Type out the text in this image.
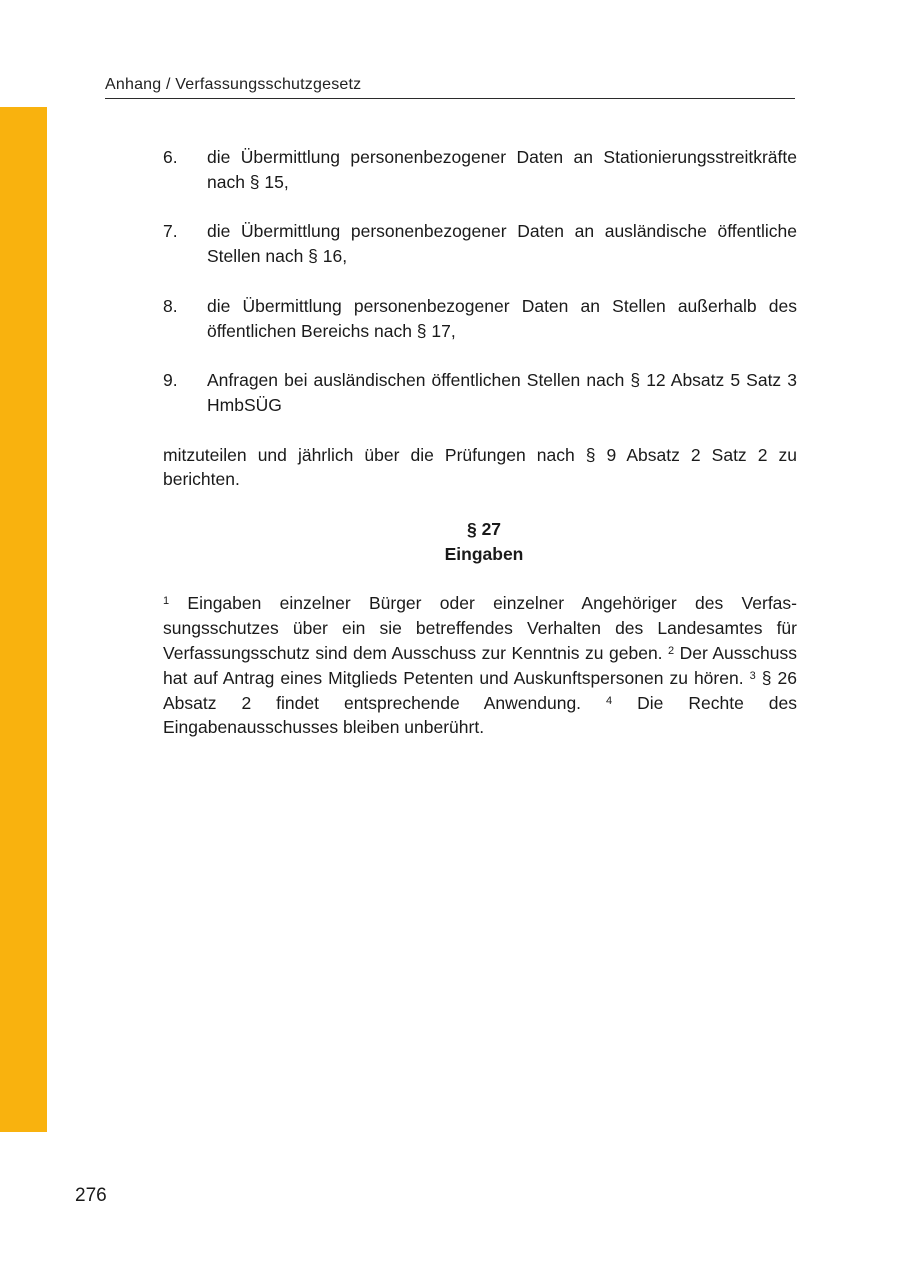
Anhang / Verfassungsschutzgesetz
6.	die Übermittlung personenbezogener Daten an Stationierungsstreitkräfte nach § 15,
7.	die Übermittlung personenbezogener Daten an ausländische öffentliche Stellen nach § 16,
8.	die Übermittlung personenbezogener Daten an Stellen außerhalb des öffentlichen Bereichs nach § 17,
9.	Anfragen bei ausländischen öffentlichen Stellen nach § 12 Absatz 5 Satz 3 HmbSÜG

mitzuteilen und jährlich über die Prüfungen nach § 9 Absatz 2 Satz 2 zu berichten.

§ 27
Eingaben
$^1$ Eingaben einzelner Bürger oder einzelner Angehöriger des Verfassungsschutzes über ein sie betreffendes Verhalten des Landesamtes für Verfassungsschutz sind dem Ausschuss zur Kenntnis zu geben. $^2$ Der Ausschuss hat auf Antrag eines Mitglieds Petenten und Auskunftspersonen zu hören. $^3$ § 26 Absatz 2 findet entsprechende Anwendung. $^4$ Die Rechte des Eingabenausschusses bleiben unberührt.
276
